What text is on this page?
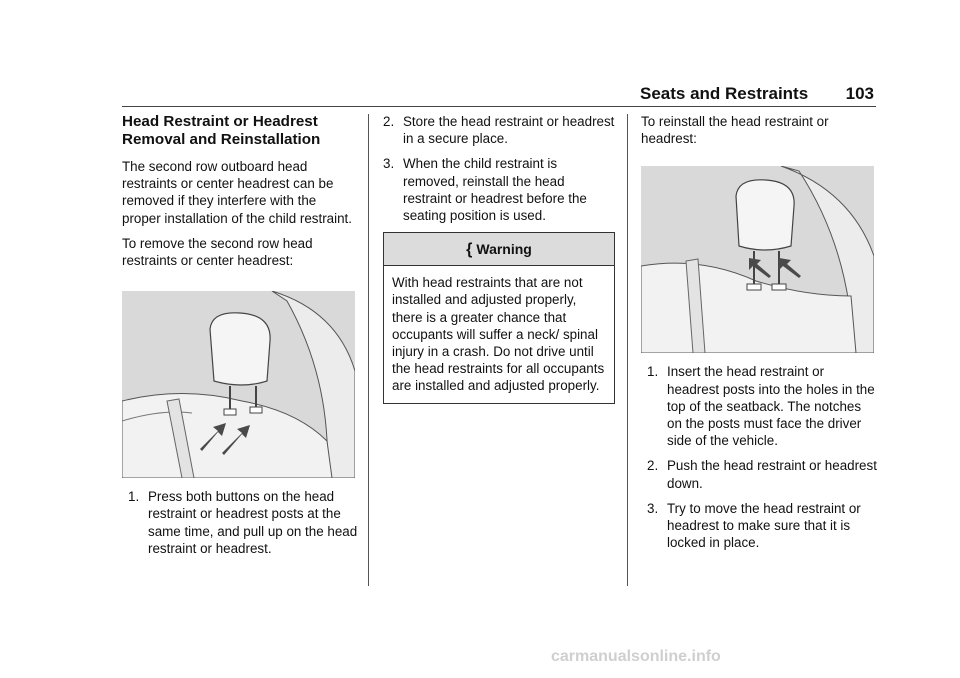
Seats and Restraints 103
Head Restraint or Headrest Removal and Reinstallation

The second row outboard head restraints or center headrest can be removed if they interfere with the proper installation of the child restraint.

To remove the second row head restraints or center headrest:

1. Press both buttons on the head restraint or headrest posts at the same time, and pull up on the head restraint or headrest.
2. Store the head restraint or headrest in a secure place.
3. When the child restraint is removed, reinstall the head restraint or headrest before the seating position is used.
{ Warning
With head restraints that are not installed and adjusted properly, there is a greater chance that occupants will suffer a neck/ spinal injury in a crash. Do not drive until the head restraints for all occupants are installed and adjusted properly.

To reinstall the head restraint or headrest:

1. Insert the head restraint or headrest posts into the holes in the top of the seatback. The notches on the posts must face the driver side of the vehicle.
2. Push the head restraint or headrest down.
3. Try to move the head restraint or headrest to make sure that it is locked in place.
carmanualsonline.info
